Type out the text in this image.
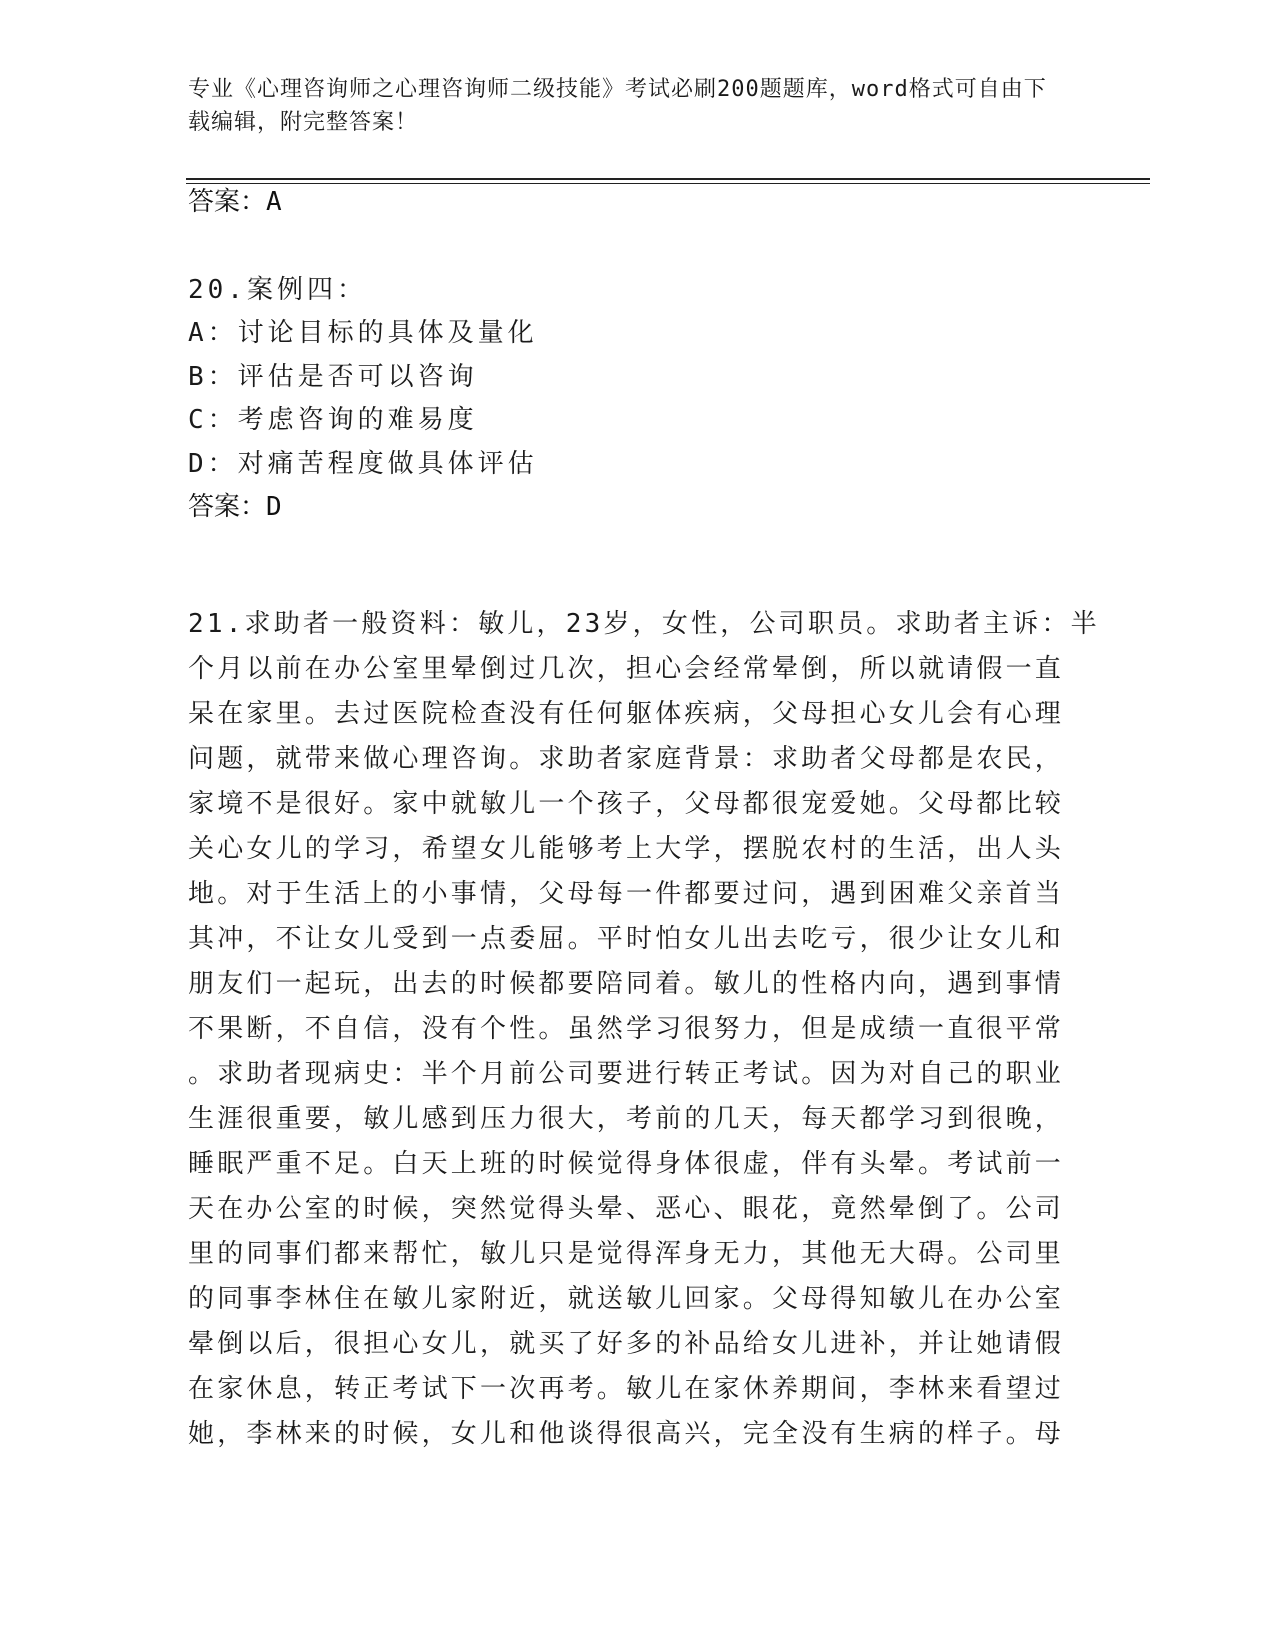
专业《心理咨询师之心理咨询师二级技能》考试必刷200题题库，word格式可自由下载编辑，附完整答案！
答案：A
20.案例四：
A：讨论目标的具体及量化
B：评估是否可以咨询
C：考虑咨询的难易度
D：对痛苦程度做具体评估
答案：D
21.求助者一般资料：敏儿，23岁，女性，公司职员。求助者主诉：半
个月以前在办公室里晕倒过几次，担心会经常晕倒，所以就请假一直
呆在家里。去过医院检查没有任何躯体疾病，父母担心女儿会有心理
问题，就带来做心理咨询。求助者家庭背景：求助者父母都是农民，
家境不是很好。家中就敏儿一个孩子，父母都很宠爱她。父母都比较
关心女儿的学习，希望女儿能够考上大学，摆脱农村的生活，出人头
地。对于生活上的小事情，父母每一件都要过问，遇到困难父亲首当
其冲，不让女儿受到一点委屈。平时怕女儿出去吃亏，很少让女儿和
朋友们一起玩，出去的时候都要陪同着。敏儿的性格内向，遇到事情
不果断，不自信，没有个性。虽然学习很努力，但是成绩一直很平常
。求助者现病史：半个月前公司要进行转正考试。因为对自己的职业
生涯很重要，敏儿感到压力很大，考前的几天，每天都学习到很晚，
睡眠严重不足。白天上班的时候觉得身体很虚，伴有头晕。考试前一
天在办公室的时候，突然觉得头晕、恶心、眼花，竟然晕倒了。公司
里的同事们都来帮忙，敏儿只是觉得浑身无力，其他无大碍。公司里
的同事李林住在敏儿家附近，就送敏儿回家。父母得知敏儿在办公室
晕倒以后，很担心女儿，就买了好多的补品给女儿进补，并让她请假
在家休息，转正考试下一次再考。敏儿在家休养期间，李林来看望过
她，李林来的时候，女儿和他谈得很高兴，完全没有生病的样子。母
